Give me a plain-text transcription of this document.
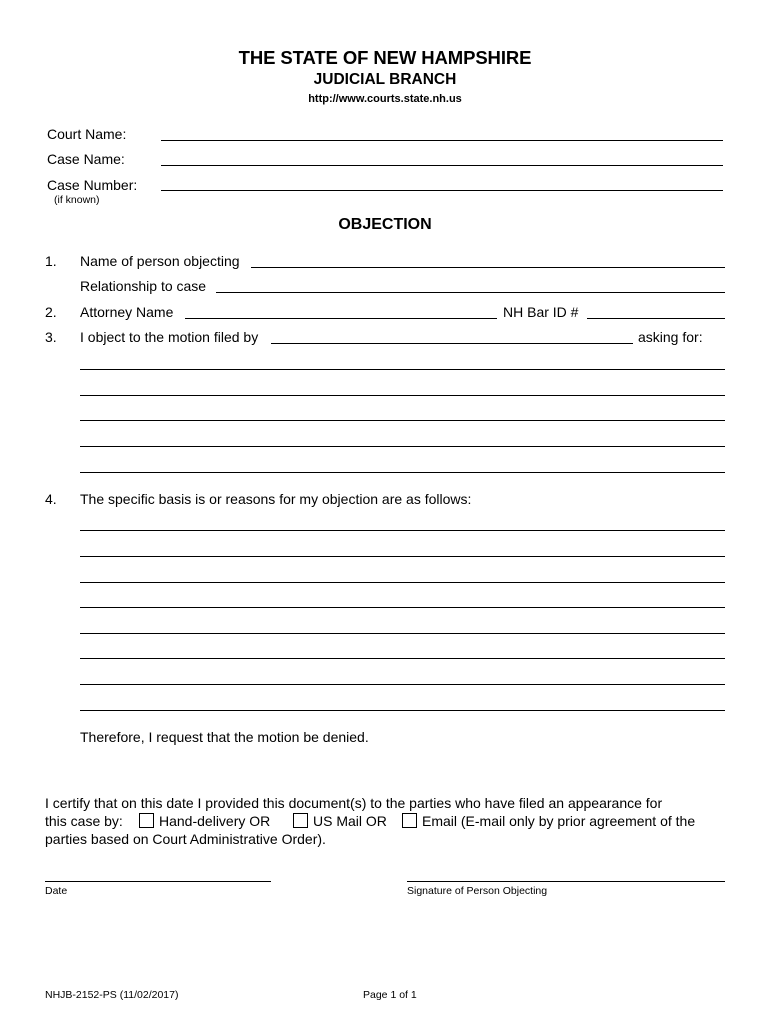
THE STATE OF NEW HAMPSHIRE
JUDICIAL BRANCH
http://www.courts.state.nh.us
Court Name:
Case Name:
Case Number:
(if known)
OBJECTION
1. Name of person objecting
Relationship to case
2. Attorney Name	NH Bar ID #
3. I object to the motion filed by	asking for:
4. The specific basis is or reasons for my objection are as follows:
Therefore, I request that the motion be denied.
I certify that on this date I provided this document(s) to the parties who have filed an appearance for
this case by:	Hand-delivery OR	US Mail OR	Email (E-mail only by prior agreement of the
parties based on Court Administrative Order).
Date	Signature of Person Objecting
NHJB-2152-PS (11/02/2017)	Page 1 of 1
